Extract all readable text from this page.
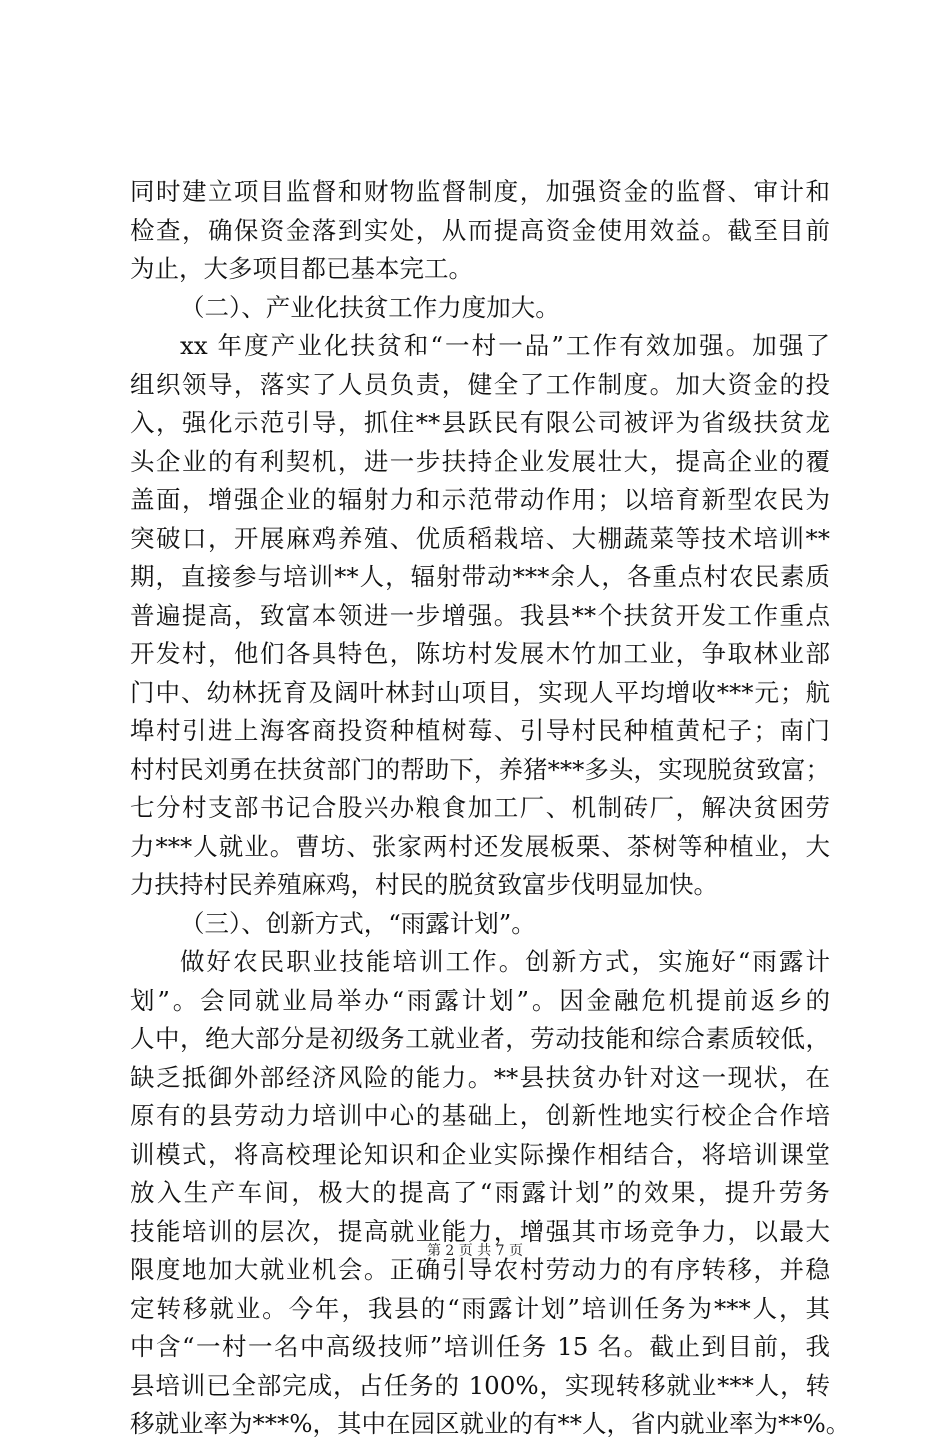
同时建立项目监督和财物监督制度，加强资金的监督、审计和
检查，确保资金落到实处，从而提高资金使用效益。截至目前
为止，大多项目都已基本完工。
（二）、产业化扶贫工作力度加大。
xx 年度产业化扶贫和“一村一品”工作有效加强。加强了
组织领导，落实了人员负责，健全了工作制度。加大资金的投
入，强化示范引导，抓住**县跃民有限公司被评为省级扶贫龙
头企业的有利契机，进一步扶持企业发展壮大，提高企业的覆
盖面，增强企业的辐射力和示范带动作用；以培育新型农民为
突破口，开展麻鸡养殖、优质稻栽培、大棚蔬菜等技术培训**
期，直接参与培训**人，辐射带动***余人，各重点村农民素质
普遍提高，致富本领进一步增强。我县**个扶贫开发工作重点
开发村，他们各具特色，陈坊村发展木竹加工业，争取林业部
门中、幼林抚育及阔叶林封山项目，实现人平均增收***元；航
埠村引进上海客商投资种植树莓、引导村民种植黄杞子；南门
村村民刘勇在扶贫部门的帮助下，养猪***多头，实现脱贫致富；
七分村支部书记合股兴办粮食加工厂、机制砖厂，解决贫困劳
力***人就业。曹坊、张家两村还发展板栗、茶树等种植业，大
力扶持村民养殖麻鸡，村民的脱贫致富步伐明显加快。
（三）、创新方式，“雨露计划”。
做好农民职业技能培训工作。创新方式，实施好“雨露计
划”。会同就业局举办“雨露计划”。因金融危机提前返乡的
人中，绝大部分是初级务工就业者，劳动技能和综合素质较低，
缺乏抵御外部经济风险的能力。**县扶贫办针对这一现状，在
原有的县劳动力培训中心的基础上，创新性地实行校企合作培
训模式，将高校理论知识和企业实际操作相结合，将培训课堂
放入生产车间，极大的提高了“雨露计划”的效果，提升劳务
技能培训的层次，提高就业能力，增强其市场竞争力，以最大
限度地加大就业机会。正确引导农村劳动力的有序转移，并稳
定转移就业。今年，我县的“雨露计划”培训任务为***人，其
中含“一村一名中高级技师”培训任务 15 名。截止到目前，我
县培训已全部完成，占任务的 100%，实现转移就业***人，转
移就业率为***%，其中在园区就业的有**人，省内就业率为**%。
第 2 页 共 7 页
